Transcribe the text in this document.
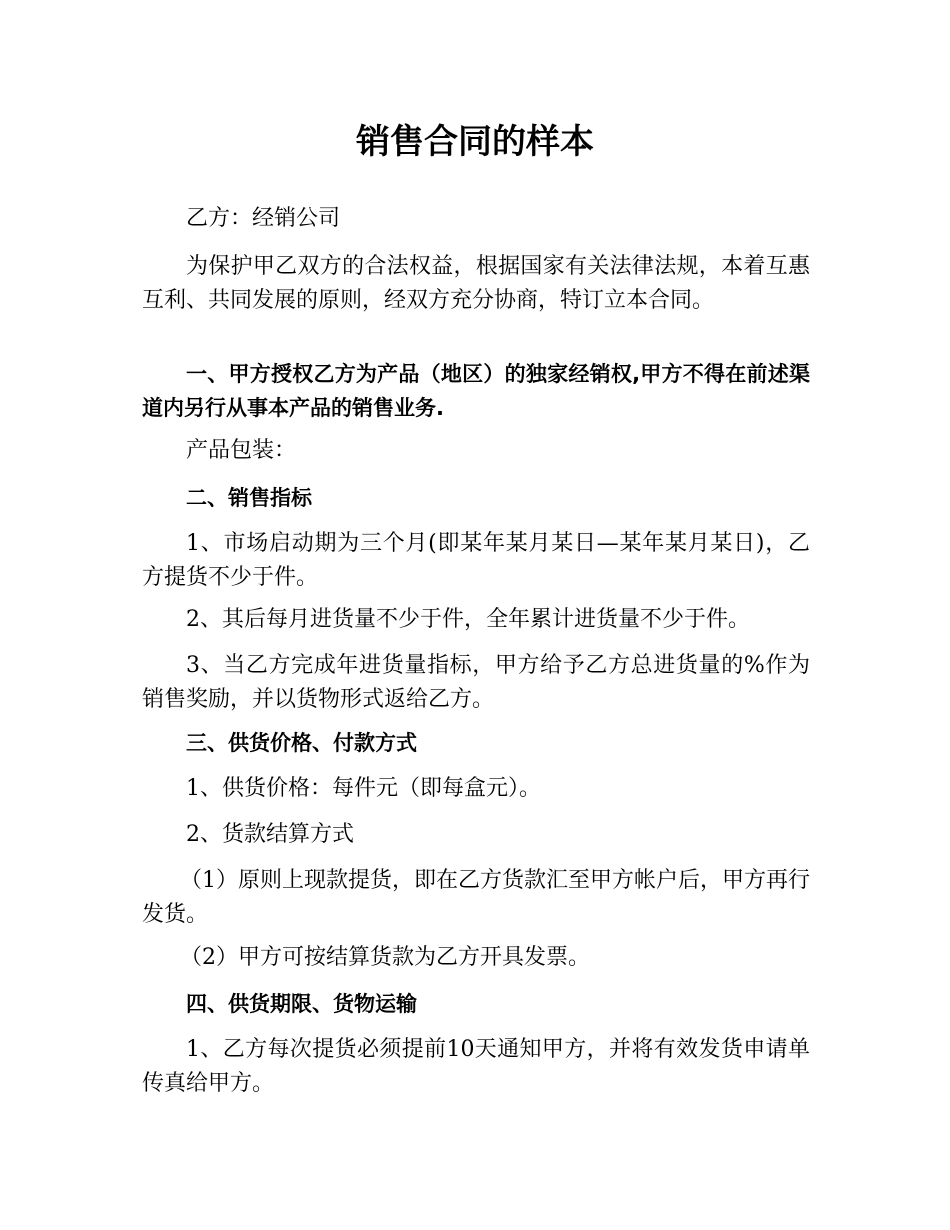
销售合同的样本

乙方：经销公司

为保护甲乙双方的合法权益，根据国家有关法律法规，本着互惠互利、共同发展的原则，经双方充分协商，特订立本合同。

一、甲方授权乙方为产品（地区）的独家经销权,甲方不得在前述渠道内另行从事本产品的销售业务.

产品包装：

二、销售指标

1、市场启动期为三个月(即某年某月某日—某年某月某日)，乙方提货不少于件。

2、其后每月进货量不少于件，全年累计进货量不少于件。

3、当乙方完成年进货量指标，甲方给予乙方总进货量的%作为销售奖励，并以货物形式返给乙方。

三、供货价格、付款方式

1、供货价格：每件元（即每盒元）。

2、货款结算方式

（1）原则上现款提货，即在乙方货款汇至甲方帐户后，甲方再行发货。

（2）甲方可按结算货款为乙方开具发票。

四、供货期限、货物运输

1、乙方每次提货必须提前10天通知甲方，并将有效发货申请单传真给甲方。
